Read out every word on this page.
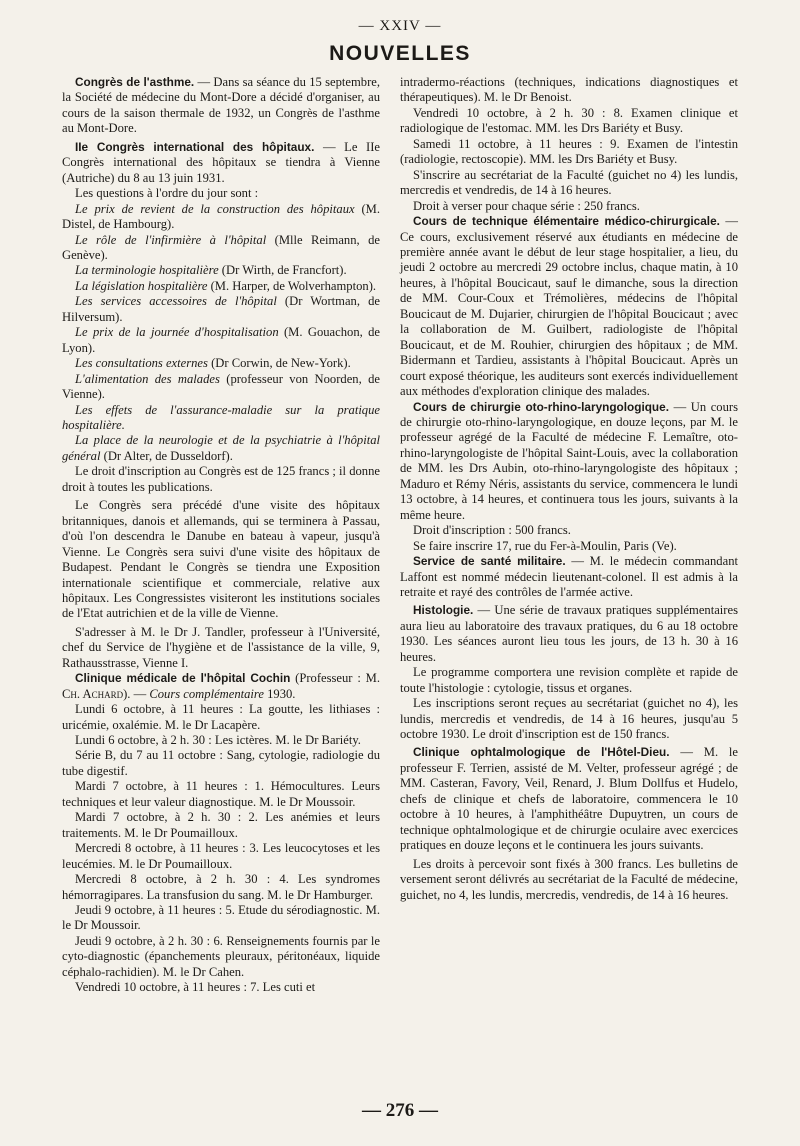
— XXIV —
NOUVELLES

Congrès de l'asthme. — Dans sa séance du 15 septembre, la Société de médecine du Mont-Dore a décidé d'organiser, au cours de la saison thermale de 1932, un Congrès de l'asthme au Mont-Dore.

IIe Congrès international des hôpitaux. — Le IIe Congrès international des hôpitaux se tiendra à Vienne (Autriche) du 8 au 13 juin 1931.

Les questions à l'ordre du jour sont :

Le prix de revient de la construction des hôpitaux (M. Distel, de Hambourg).

Le rôle de l'infirmière à l'hôpital (Mlle Reimann, de Genève).

La terminologie hospitalière (Dr Wirth, de Francfort).

La législation hospitalière (M. Harper, de Wolverhampton).

Les services accessoires de l'hôpital (Dr Wortman, de Hilversum).

Le prix de la journée d'hospitalisation (M. Gouachon, de Lyon).

Les consultations externes (Dr Corwin, de New-York).

L'alimentation des malades (professeur von Noorden, de Vienne).

Les effets de l'assurance-maladie sur la pratique hospitalière.

La place de la neurologie et de la psychiatrie à l'hôpital général (Dr Alter, de Dusseldorf).

Le droit d'inscription au Congrès est de 125 francs ; il donne droit à toutes les publications.

Le Congrès sera précédé d'une visite des hôpitaux britanniques, danois et allemands, qui se terminera à Passau, d'où l'on descendra le Danube en bateau à vapeur, jusqu'à Vienne. Le Congrès sera suivi d'une visite des hôpitaux de Budapest. Pendant le Congrès se tiendra une Exposition internationale scientifique et commerciale, relative aux hôpitaux. Les Congressistes visiteront les institutions sociales de l'Etat autrichien et de la ville de Vienne.

S'adresser à M. le Dr J. Tandler, professeur à l'Université, chef du Service de l'hygiène et de l'assistance de la ville, 9, Rathausstrasse, Vienne I.

Clinique médicale de l'hôpital Cochin (Professeur : M. Ch. Achard). — Cours complémentaire 1930.

Lundi 6 octobre, à 11 heures : La goutte, les lithiases : uricémie, oxalémie. M. le Dr Lacapère.

Lundi 6 octobre, à 2 h. 30 : Les ictères. M. le Dr Bariéty.

Série B, du 7 au 11 octobre : Sang, cytologie, radiologie du tube digestif.

Mardi 7 octobre, à 11 heures : 1. Hémocultures. Leurs techniques et leur valeur diagnostique. M. le Dr Moussoir.

Mardi 7 octobre, à 2 h. 30 : 2. Les anémies et leurs traitements. M. le Dr Poumailloux.

Mercredi 8 octobre, à 11 heures : 3. Les leucocytoses et les leucémies. M. le Dr Poumailloux.

Mercredi 8 octobre, à 2 h. 30 : 4. Les syndromes hémorragipares. La transfusion du sang. M. le Dr Hamburger.

Jeudi 9 octobre, à 11 heures : 5. Etude du sérodiagnostic. M. le Dr Moussoir.

Jeudi 9 octobre, à 2 h. 30 : 6. Renseignements fournis par le cyto-diagnostic (épanchements pleuraux, péritonéaux, liquide céphalo-rachidien). M. le Dr Cahen.

Vendredi 10 octobre, à 11 heures : 7. Les cuti et

intradermo-réactions (techniques, indications diagnostiques et thérapeutiques). M. le Dr Benoist.

Vendredi 10 octobre, à 2 h. 30 : 8. Examen clinique et radiologique de l'estomac. MM. les Drs Bariéty et Busy.

Samedi 11 octobre, à 11 heures : 9. Examen de l'intestin (radiologie, rectoscopie). MM. les Drs Bariéty et Busy.

S'inscrire au secrétariat de la Faculté (guichet no 4) les lundis, mercredis et vendredis, de 14 à 16 heures.

Droit à verser pour chaque série : 250 francs.

Cours de technique élémentaire médico-chirurgicale. — Ce cours, exclusivement réservé aux étudiants en médecine de première année avant le début de leur stage hospitalier, a lieu, du jeudi 2 octobre au mercredi 29 octobre inclus, chaque matin, à 10 heures, à l'hôpital Boucicaut, sauf le dimanche, sous la direction de MM. Cour-Coux et Trémolières, médecins de l'hôpital Boucicaut de M. Dujarier, chirurgien de l'hôpital Boucicaut ; avec la collaboration de M. Guilbert, radiologiste de l'hôpital Boucicaut, et de M. Rouhier, chirurgien des hôpitaux ; de MM. Bidermann et Tardieu, assistants à l'hôpital Boucicaut. Après un court exposé théorique, les auditeurs sont exercés individuellement aux méthodes d'exploration clinique des malades.

Cours de chirurgie oto-rhino-laryngologique. — Un cours de chirurgie oto-rhino-laryngologique, en douze leçons, par M. le professeur agrégé de la Faculté de médecine F. Lemaître, oto-rhino-laryngologiste de l'hôpital Saint-Louis, avec la collaboration de MM. les Drs Aubin, oto-rhino-laryngologiste des hôpitaux ; Maduro et Rémy Néris, assistants du service, commencera le lundi 13 octobre, à 14 heures, et continuera tous les jours, suivants à la même heure.

Droit d'inscription : 500 francs.

Se faire inscrire 17, rue du Fer-à-Moulin, Paris (Ve).

Service de santé militaire. — M. le médecin commandant Laffont est nommé médecin lieutenant-colonel. Il est admis à la retraite et rayé des contrôles de l'armée active.

Histologie. — Une série de travaux pratiques supplémentaires aura lieu au laboratoire des travaux pratiques, du 6 au 18 octobre 1930. Les séances auront lieu tous les jours, de 13 h. 30 à 16 heures.

Le programme comportera une revision complète et rapide de toute l'histologie : cytologie, tissus et organes.

Les inscriptions seront reçues au secrétariat (guichet no 4), les lundis, mercredis et vendredis, de 14 à 16 heures, jusqu'au 5 octobre 1930. Le droit d'inscription est de 150 francs.

Clinique ophtalmologique de l'Hôtel-Dieu. — M. le professeur F. Terrien, assisté de M. Velter, professeur agrégé ; de MM. Casteran, Favory, Veil, Renard, J. Blum Dollfus et Hudelo, chefs de clinique et chefs de laboratoire, commencera le 10 octobre à 10 heures, à l'amphithéâtre Dupuytren, un cours de technique ophtalmologique et de chirurgie oculaire avec exercices pratiques en douze leçons et le continuera les jours suivants.

Les droits à percevoir sont fixés à 300 francs. Les bulletins de versement seront délivrés au secrétariat de la Faculté de médecine, guichet, no 4, les lundis, mercredis, vendredis, de 14 à 16 heures.

— 276 —
